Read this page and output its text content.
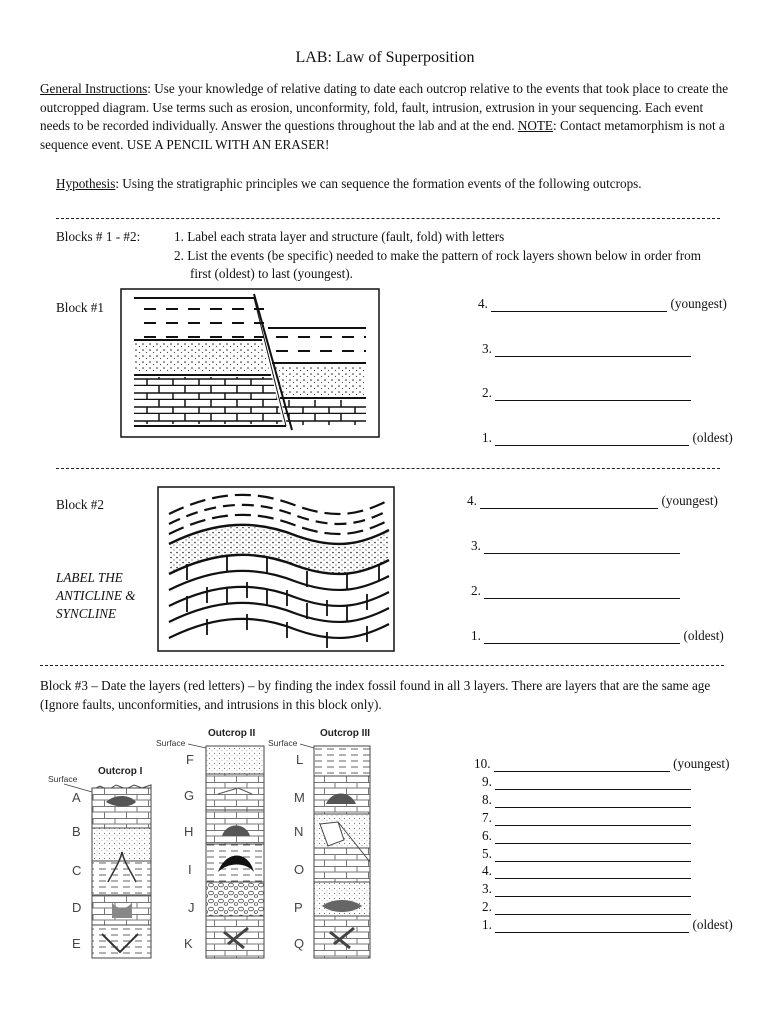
LAB: Law of Superposition
General Instructions: Use your knowledge of relative dating to date each outcrop relative to the events that took place to create the outcropped diagram. Use terms such as erosion, unconformity, fold, fault, intrusion, extrusion in your sequencing. Each event needs to be recorded individually. Answer the questions throughout the lab and at the end. NOTE: Contact metamorphism is not a sequence event. USE A PENCIL WITH AN ERASER!
Hypothesis: Using the stratigraphic principles we can sequence the formation events of the following outcrops.
Blocks # 1 - #2:	1. Label each strata layer and structure (fault, fold) with letters
2. List the events (be specific) needed to make the pattern of rock layers shown below in order from first (oldest) to last (youngest).
Block #1	4.	(youngest)
3.
2.
1.	(oldest)
Block #2
LABEL THE ANTICLINE & SYNCLINE
4.	(youngest)
3.
2.
1.	(oldest)
Block #3 – Date the layers (red letters) – by finding the index fossil found in all 3 layers. There are layers that are the same age (Ignore faults, unconformities, and intrusions in this block only).
Outcrop I
Surface
A
B
C
D
E
Outcrop II
Surface
F
G
H
I
J
K
Outcrop III
Surface
L
M
N
O
P
Q
10.	(youngest)
9.
8.
7.
6.
5.
4.
3.
2.
1.	(oldest)
